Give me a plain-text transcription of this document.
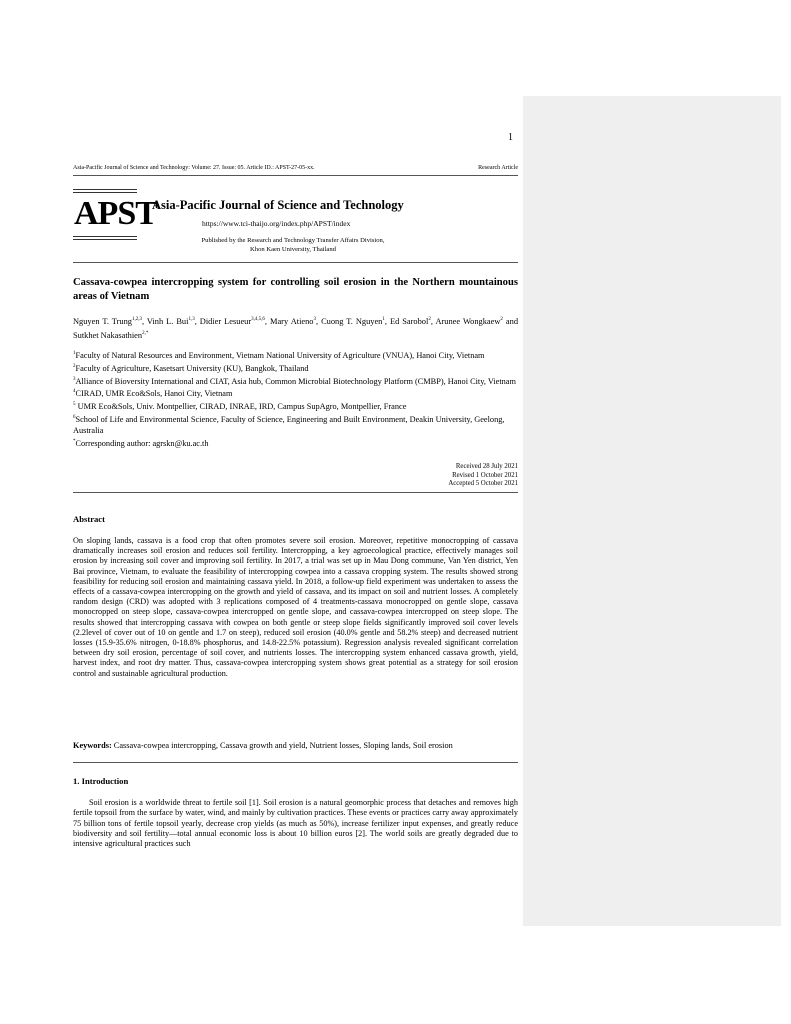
1
Asia-Pacific Journal of Science and Technology: Volume: 27. Issue: 05. Article ID.: APST-27-05-xx.	Research Article
APST
Asia-Pacific Journal of Science and Technology
https://www.tci-thaijo.org/index.php/APST/index
Published by the Research and Technology Transfer Affairs Division,
Khon Kaen University, Thailand
Cassava-cowpea intercropping system for controlling soil erosion in the Northern mountainous areas of Vietnam
Nguyen T. Trung$^{1,2,3}$, Vinh L. Bui$^{1,3}$, Didier Lesueur$^{3,4,5,6}$, Mary Atieno$^3$, Cuong T. Nguyen$^1$, Ed Sarobol$^2$, Arunee Wongkaew$^2$ and Sutkhet Nakasathien$^{2,*}$
$^1$Faculty of Natural Resources and Environment, Vietnam National University of Agriculture (VNUA), Hanoi City, Vietnam
$^2$Faculty of Agriculture, Kasetsart University (KU), Bangkok, Thailand
$^3$Alliance of Bioversity International and CIAT, Asia hub, Common Microbial Biotechnology Platform (CMBP), Hanoi City, Vietnam
$^4$CIRAD, UMR Eco&Sols, Hanoi City, Vietnam
$^5$ UMR Eco&Sols, Univ. Montpellier, CIRAD, INRAE, IRD, Campus SupAgro, Montpellier, France
$^6$School of Life and Environmental Science, Faculty of Science, Engineering and Built Environment, Deakin University, Geelong, Australia
*Corresponding author: agrskn@ku.ac.th
Received 28 July 2021
Revised 1 October 2021
Accepted 5 October 2021
Abstract
On sloping lands, cassava is a food crop that often promotes severe soil erosion. Moreover, repetitive monocropping of cassava dramatically increases soil erosion and reduces soil fertility. Intercropping, a key agroecological practice, effectively manages soil erosion by increasing soil cover and improving soil fertility. In 2017, a trial was set up in Mau Dong commune, Van Yen district, Yen Bai province, Vietnam, to evaluate the feasibility of intercropping cowpea into a cassava cropping system. The results showed strong feasibility for reducing soil erosion and maintaining cassava yield. In 2018, a follow-up field experiment was undertaken to assess the effects of a cassava-cowpea intercropping on the growth and yield of cassava, and its impact on soil and nutrient losses. A completely random design (CRD) was adopted with 3 replications composed of 4 treatments-cassava monocropped on gentle slope, cassava monocropped on steep slope, cassava-cowpea intercropped on gentle slope, and cassava-cowpea intercropped on steep slope. The results showed that intercropping cassava with cowpea on both gentle or steep slope fields significantly improved soil cover levels (2.2level of cover out of 10 on gentle and 1.7 on steep), reduced soil erosion (40.0% gentle and 58.2% steep) and decreased nutrient losses (15.9-35.6% nitrogen, 0-18.8% phosphorus, and 14.8-22.5% potassium). Regression analysis revealed significant correlation between dry soil erosion, percentage of soil cover, and nutrients losses. The intercropping system enhanced cassava growth, yield, harvest index, and root dry matter. Thus, cassava-cowpea intercropping system shows great potential as a strategy for soil erosion control and sustainable agricultural production.
Keywords: Cassava-cowpea intercropping, Cassava growth and yield, Nutrient losses, Sloping lands, Soil erosion
1. Introduction
Soil erosion is a worldwide threat to fertile soil [1]. Soil erosion is a natural geomorphic process that detaches and removes high fertile topsoil from the surface by water, wind, and mainly by cultivation practices. These events or practices carry away approximately 75 billion tons of fertile topsoil yearly, decrease crop yields (as much as 50%), increase fertilizer input expenses, and greatly reduce biodiversity and soil fertility—total annual economic loss is about 10 billion euros [2]. The world soils are greatly degraded due to intensive agricultural practices such
